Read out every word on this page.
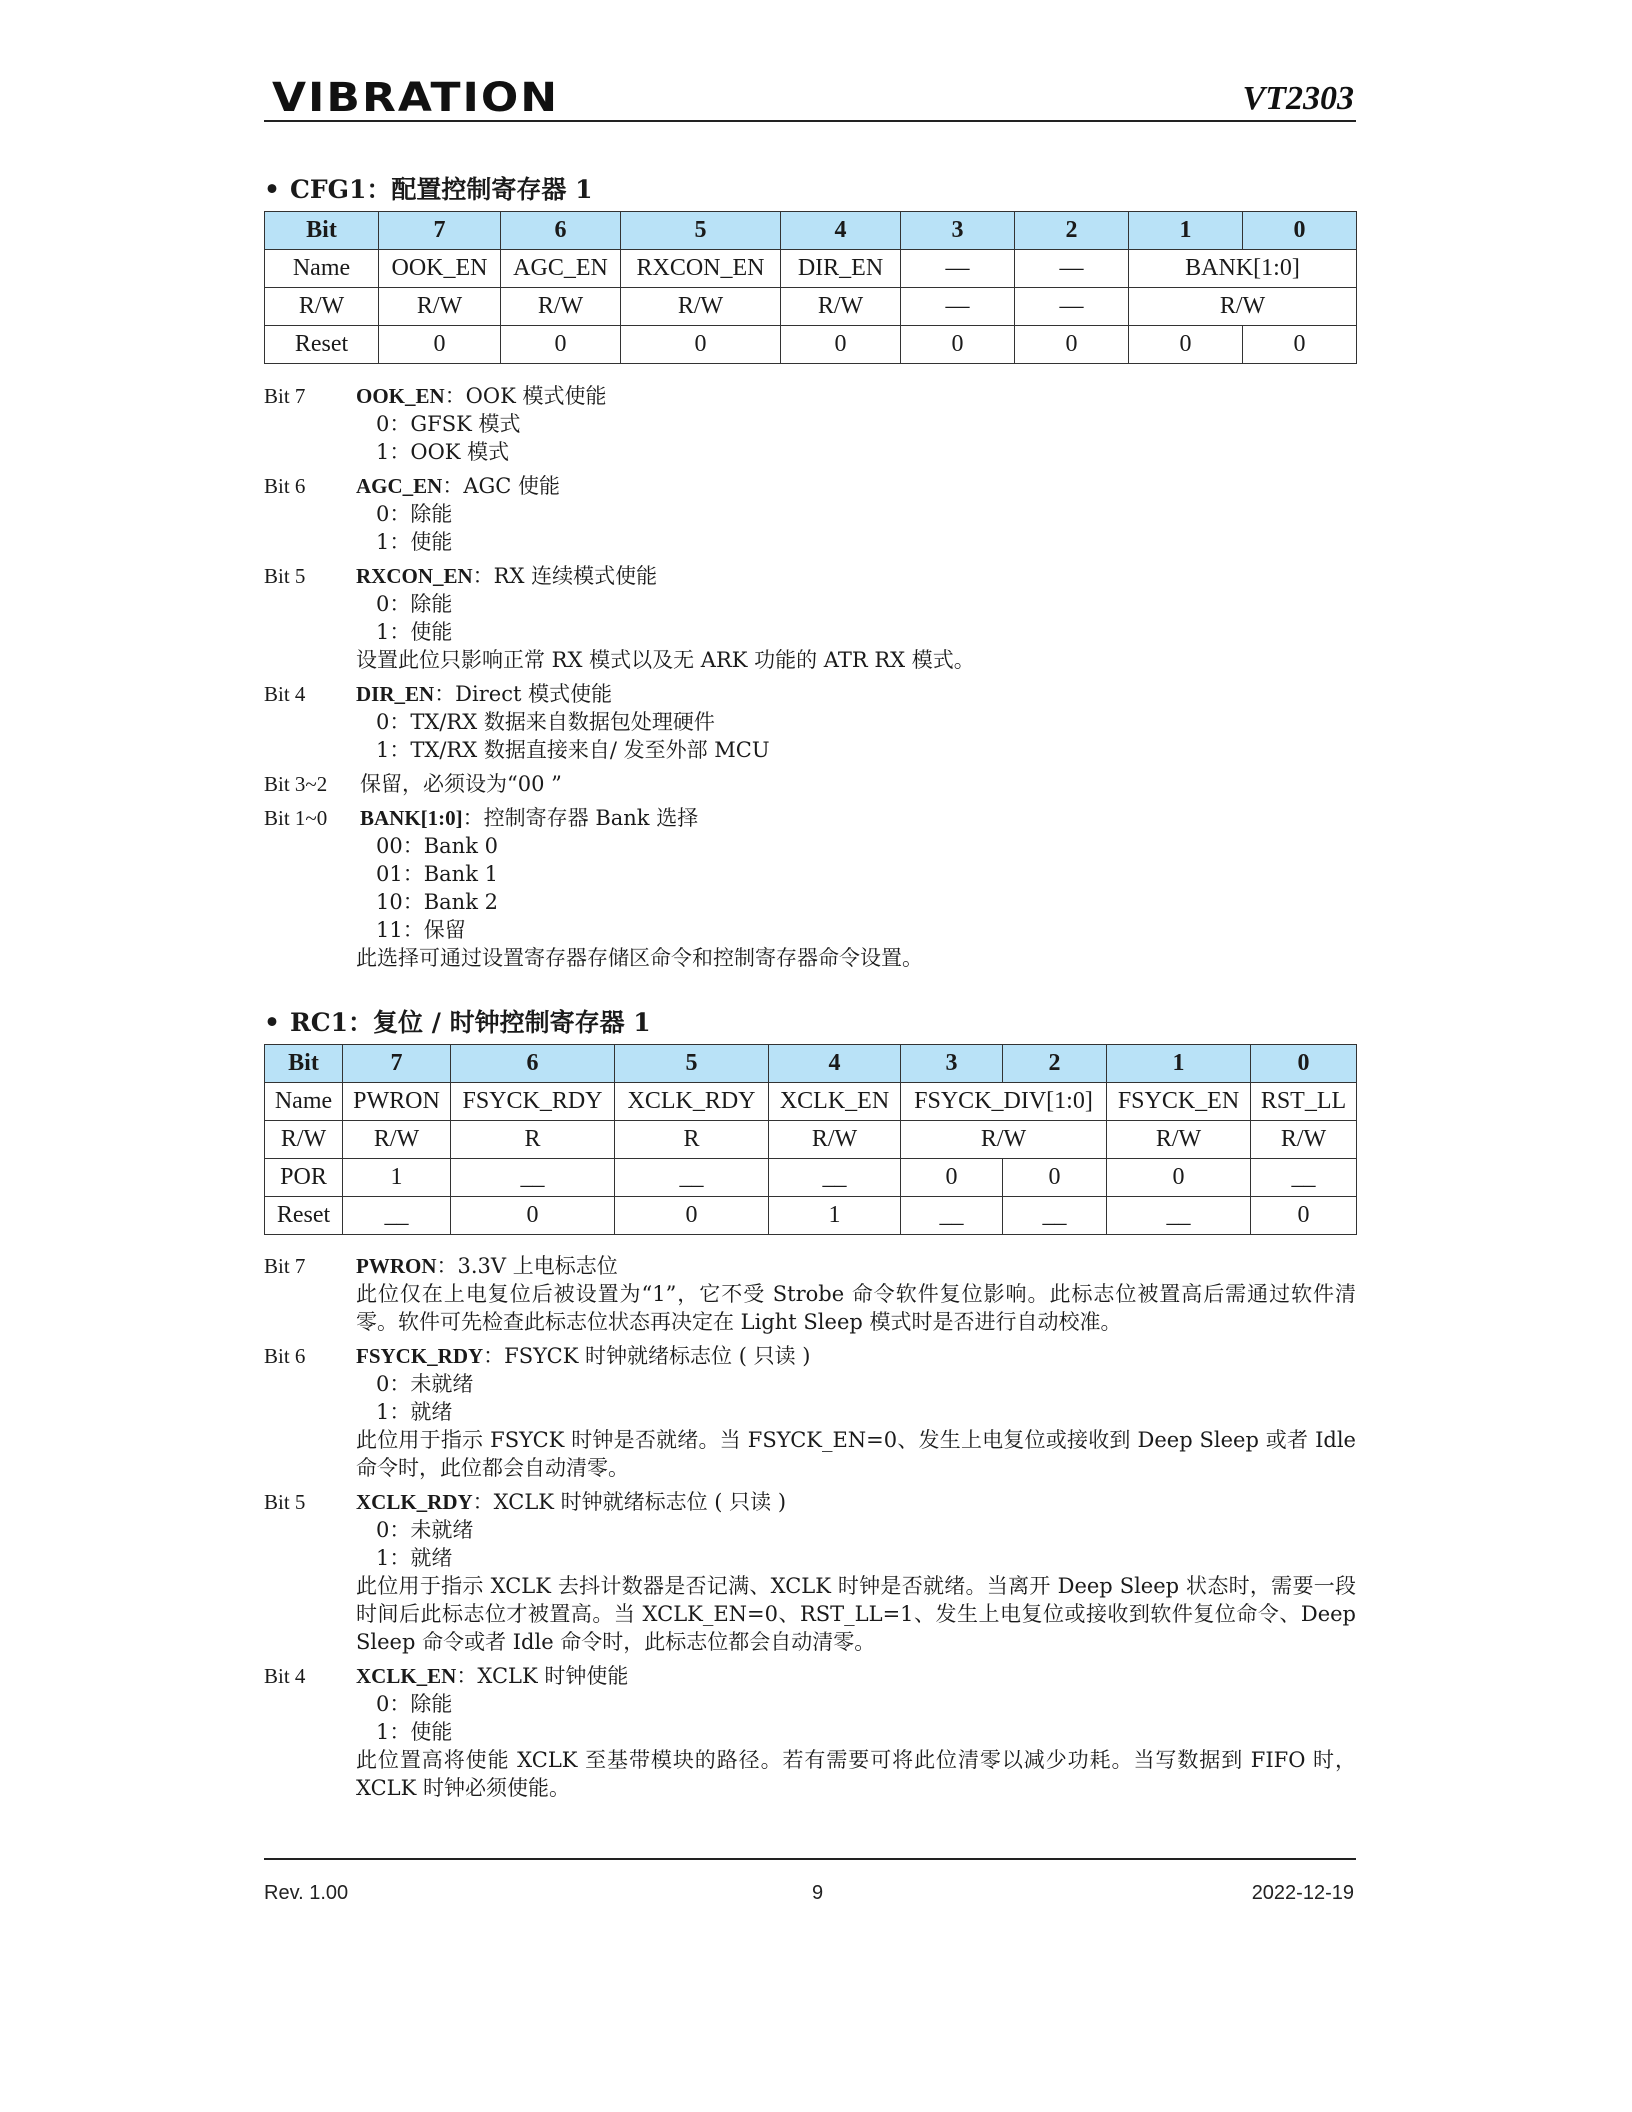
VIBRATION	VT2303
• CFG1：配置控制寄存器 1
Bit	7	6	5	4	3	2	1	0
Name	OOK_EN	AGC_EN	RXCON_EN	DIR_EN	—	—	BANK[1:0]	
R/W	R/W	R/W	R/W	R/W	—	—	R/W	
Reset	0	0	0	0	0	0	0	0
Bit 7	OOK_EN：OOK 模式使能
0：GFSK 模式
1：OOK 模式
Bit 6	AGC_EN：AGC 使能
0：除能
1：使能
Bit 5	RXCON_EN：RX 连续模式使能
0：除能
1：使能
设置此位只影响正常 RX 模式以及无 ARK 功能的 ATR RX 模式。
Bit 4	DIR_EN：Direct 模式使能
0：TX/RX 数据来自数据包处理硬件
1：TX/RX 数据直接来自/ 发至外部 MCU
Bit 3~2	保留，必须设为“00 ”
Bit 1~0	BANK[1:0]：控制寄存器 Bank 选择
00：Bank 0
01：Bank 1
10：Bank 2
11：保留
此选择可通过设置寄存器存储区命令和控制寄存器命令设置。
• RC1：复位 / 时钟控制寄存器 1
Bit	7	6	5	4	3	2	1	0
Name	PWRON	FSYCK_RDY	XCLK_RDY	XCLK_EN	FSYCK_DIV[1:0]		FSYCK_EN	RST_LL
R/W	R/W	R	R	R/W	R/W		R/W	R/W
POR	1	__	__	__	0	0	0	__
Reset	__	0	0	1	__	__	__	0
Bit 7	PWRON：3.3V 上电标志位
此位仅在上电复位后被设置为“1”，它不受 Strobe 命令软件复位影响。此标志位被置高后需通过软件清零。软件可先检查此标志位状态再决定在 Light Sleep 模式时是否进行自动校准。
Bit 6	FSYCK_RDY：FSYCK 时钟就绪标志位 ( 只读 )
0：未就绪
1：就绪
此位用于指示 FSYCK 时钟是否就绪。当 FSYCK_EN=0、发生上电复位或接收到 Deep Sleep 或者 Idle 命令时，此位都会自动清零。
Bit 5	XCLK_RDY：XCLK 时钟就绪标志位 ( 只读 )
0：未就绪
1：就绪
此位用于指示 XCLK 去抖计数器是否记满、XCLK 时钟是否就绪。当离开 Deep Sleep 状态时，需要一段时间后此标志位才被置高。当 XCLK_EN=0、RST_LL=1、发生上电复位或接收到软件复位命令、Deep Sleep 命令或者 Idle 命令时，此标志位都会自动清零。
Bit 4	XCLK_EN：XCLK 时钟使能
0：除能
1：使能
此位置高将使能 XCLK 至基带模块的路径。若有需要可将此位清零以减少功耗。当写数据到 FIFO 时，XCLK 时钟必须使能。
Rev. 1.00	9	2022-12-19
